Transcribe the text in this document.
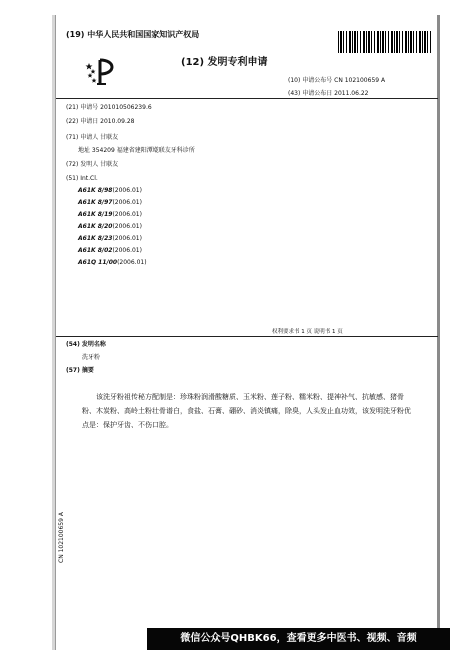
(19) 中华人民共和国国家知识产权局
(12) 发明专利申请
(10) 申请公布号 CN 102100659 A
(43) 申请公布日 2011.06.22
(21) 申请号 201010506239.6
(22) 申请日 2010.09.28
(71) 申请人 甘联友
地址 354209 福建省建阳潭墘联友牙科诊所
(72) 发明人 甘联友
(51) Int.Cl.
A61K 8/98(2006.01)
A61K 8/97(2006.01)
A61K 8/19(2006.01)
A61K 8/20(2006.01)
A61K 8/23(2006.01)
A61K 8/02(2006.01)
A61Q 11/00(2006.01)
权利要求书 1 页 说明书 1 页
(54) 发明名称
洗牙粉
(57) 摘要
该洗牙粉祖传秘方配制是：珍珠粉润滑酸糖质、玉米粉、莲子粉、糯米粉、提神补气、抗敏感、猪骨粉、木炭粉、高岭土粉壮骨谱白，食盐、石膏、硼砂、消炎镇痛，除臭，人头发止血功效，该发明洗牙粉优点是：保护牙齿、不伤口腔。
CN 102100659 A
微信公众号QHBK66，查看更多中医书、视频、音频
